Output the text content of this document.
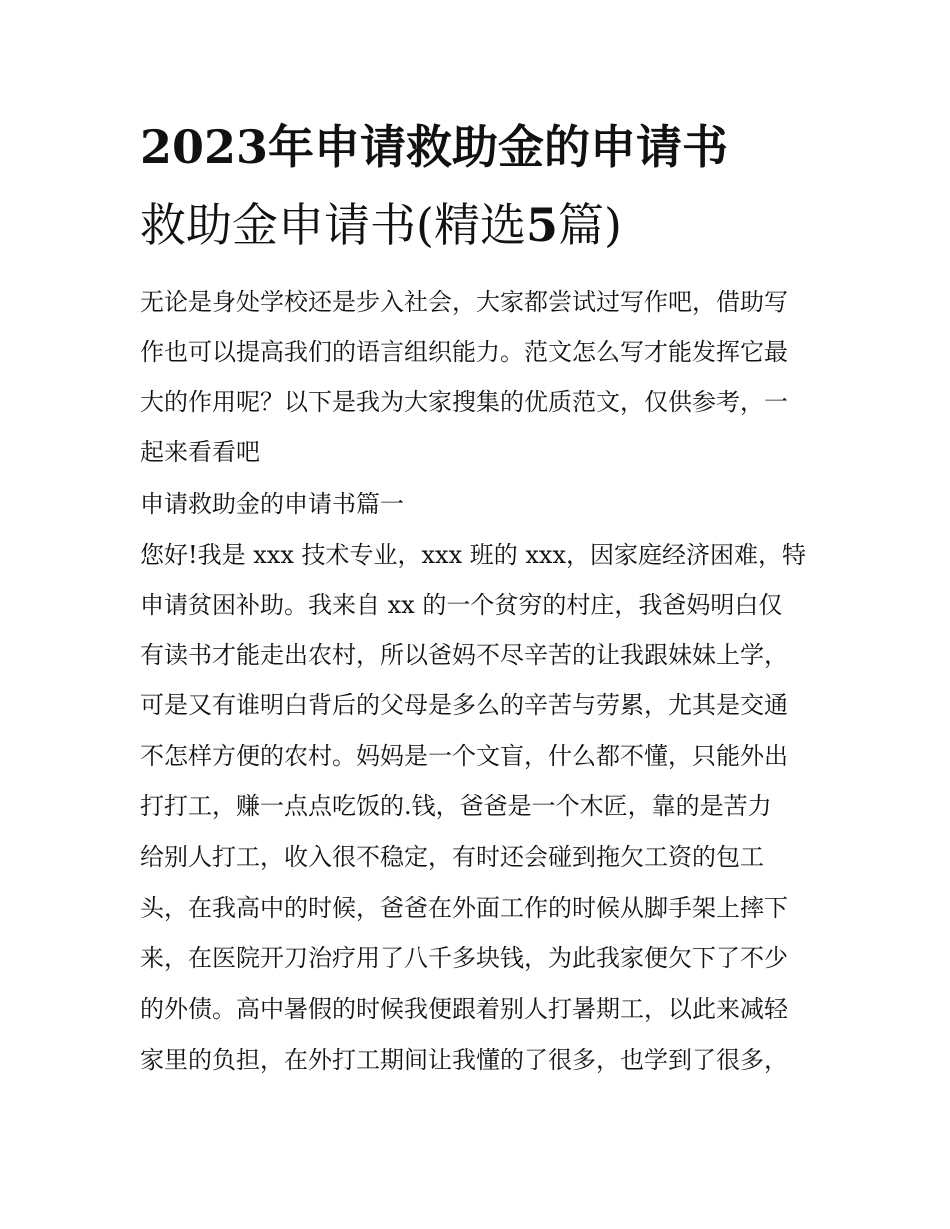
2023年申请救助金的申请书
救助金申请书(精选5篇)

无论是身处学校还是步入社会，大家都尝试过写作吧，借助写

作也可以提高我们的语言组织能力。范文怎么写才能发挥它最

大的作用呢？以下是我为大家搜集的优质范文，仅供参考，一

起来看看吧

申请救助金的申请书篇一

您好!我是 xxx 技术专业，xxx 班的 xxx，因家庭经济困难，特

申请贫困补助。我来自 xx 的一个贫穷的村庄，我爸妈明白仅

有读书才能走出农村，所以爸妈不尽辛苦的让我跟妹妹上学，

可是又有谁明白背后的父母是多么的辛苦与劳累，尤其是交通

不怎样方便的农村。妈妈是一个文盲，什么都不懂，只能外出

打打工，赚一点点吃饭的.钱，爸爸是一个木匠，靠的是苦力

给别人打工，收入很不稳定，有时还会碰到拖欠工资的包工

头，在我高中的时候，爸爸在外面工作的时候从脚手架上摔下

来，在医院开刀治疗用了八千多块钱，为此我家便欠下了不少

的外债。高中暑假的时候我便跟着别人打暑期工，以此来减轻

家里的负担，在外打工期间让我懂的了很多，也学到了很多，
